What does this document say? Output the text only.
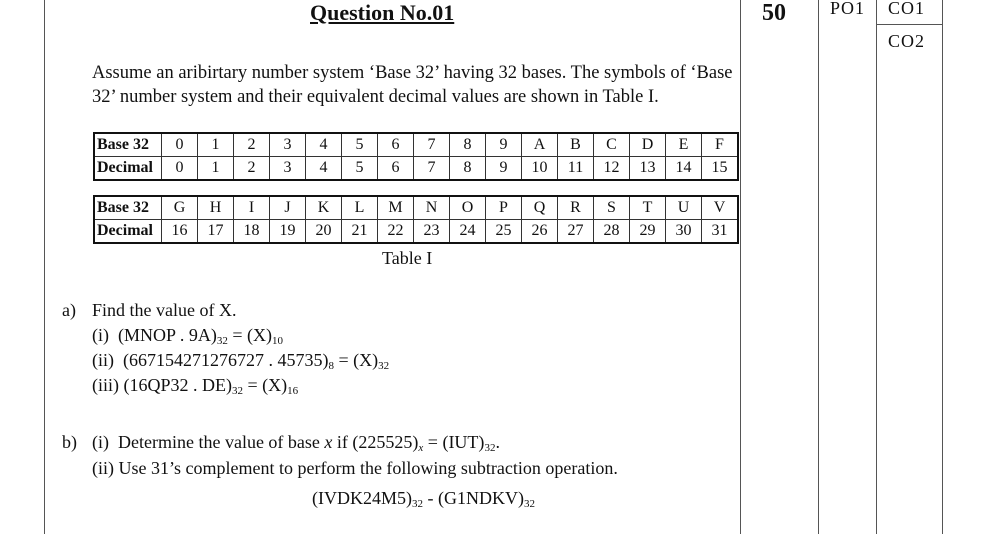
Question No.01	50 PO1 CO1
CO2
Assume an aribirtary number system ‘Base 32’ having 32 bases. The symbols of ‘Base
32’ number system and their equivalent decimal values are shown in Table I.
Base 32	0	1	2	3	4	5	6	7	8	9	A	B	C	D	E	F
Decimal	0	1	2	3	4	5	6	7	8	9	10	11	12	13	14	15
Base 32	G	H	I	J	K	L	M	N	O	P	Q	R	S	T	U	V
Decimal	16	17	18	19	20	21	22	23	24	25	26	27	28	29	30	31
Table I
a) Find the value of X.
(i) (MNOP . $9A)_{32} = (X)_{10}$
(ii) (667154271276727 . $45735)_8 = (X)_{32}$
(iii) (16QP32 . $DE)_{32} = (X)_{16}$
b) (i) Determine the value of base x if $(225525)_x = (IUT)_{32}$.
(ii) Use 31’s complement to perform the following subtraction operation.
$(IVDK24M5)_{32}$ - $(G1NDKV)_{32}$
